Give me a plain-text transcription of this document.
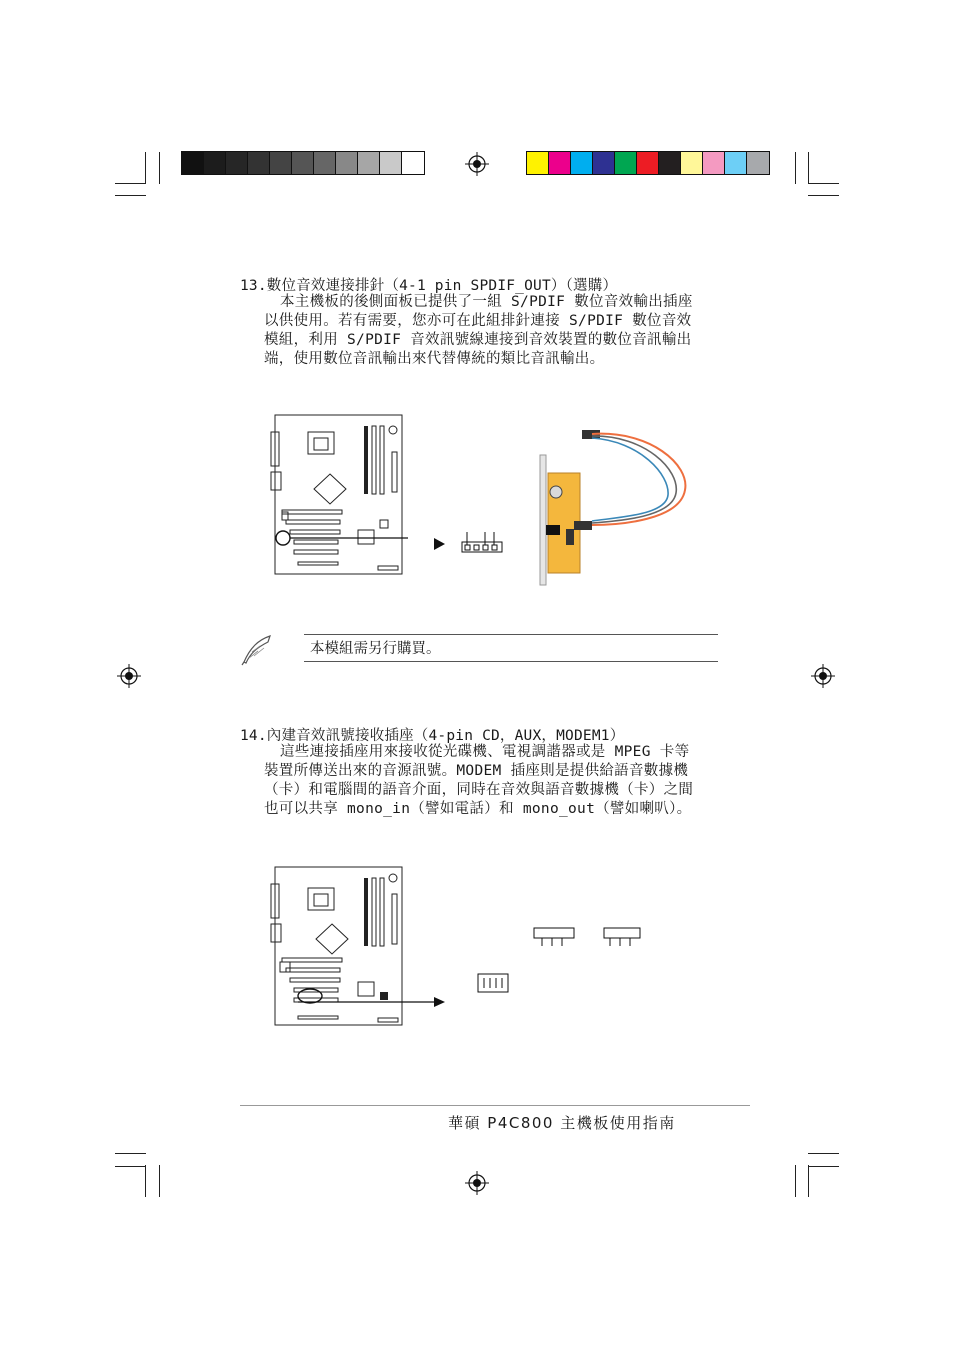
13.數位音效連接排針（4-1 pin SPDIF_OUT）（選購）

本主機板的後側面板已提供了一組 S/PDIF 數位音效輸出插座

以供使用。若有需要，您亦可在此組排針連接 S/PDIF 數位音效

模組，利用 S/PDIF 音效訊號線連接到音效裝置的數位音訊輸出

端，使用數位音訊輸出來代替傳統的類比音訊輸出。

本模組需另行購買。
14.內建音效訊號接收插座（4-pin CD，AUX，MODEM1）

這些連接插座用來接收從光碟機、電視調諧器或是 MPEG 卡等

裝置所傳送出來的音源訊號。MODEM 插座則是提供給語音數據機

（卡）和電腦間的語音介面，同時在音效與語音數據機（卡）之間

也可以共享 mono_in（譬如電話）和 mono_out（譬如喇叭）。

華碩 P4C800 主機板使用指南
